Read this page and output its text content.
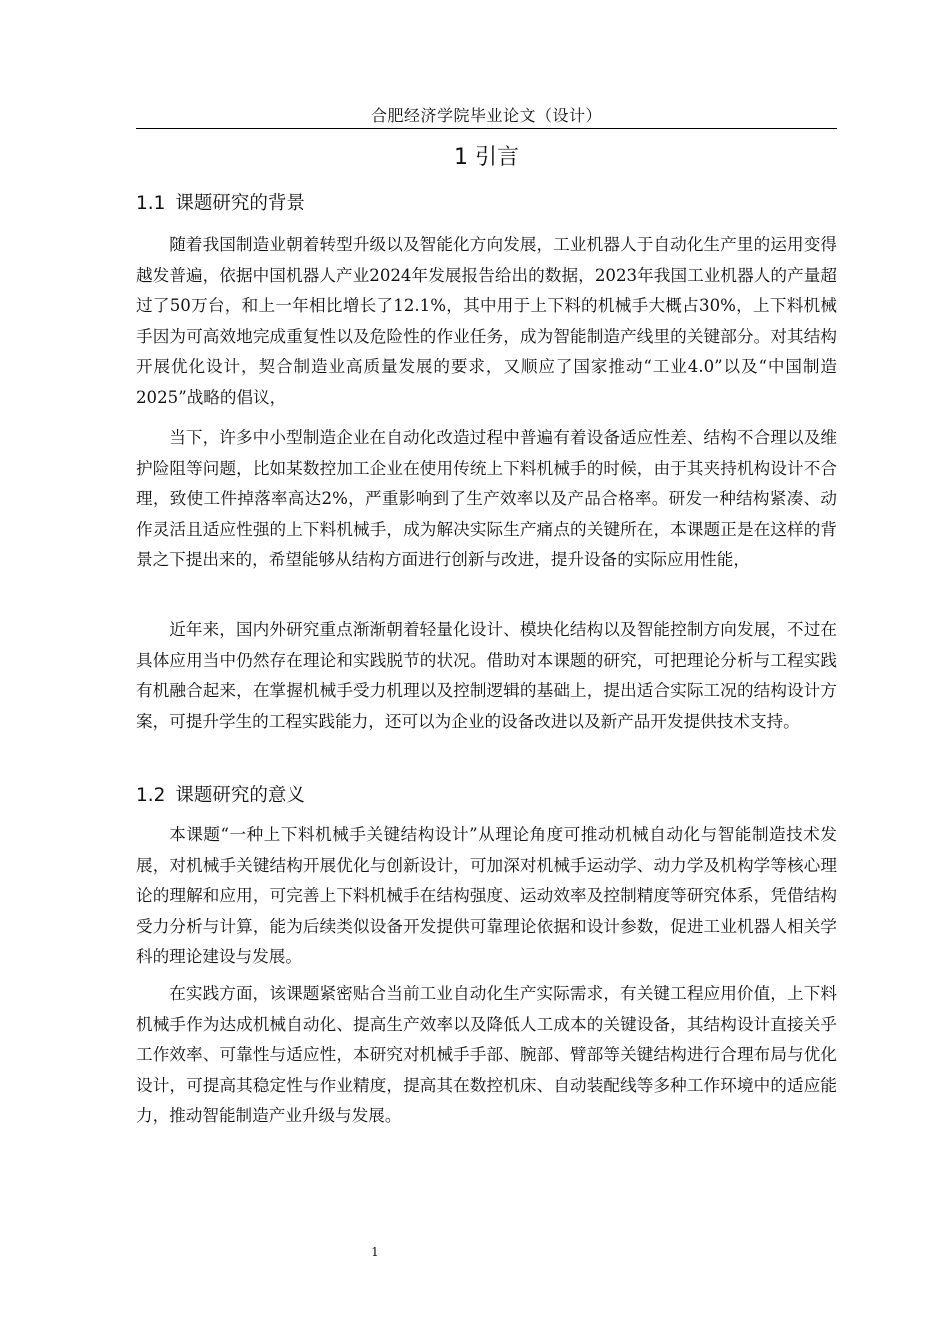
合肥经济学院毕业论文（设计）
1 引言
1.1 课题研究的背景

随着我国制造业朝着转型升级以及智能化方向发展，工业机器人于自动化生产里的运用变得越发普遍，依据中国机器人产业2024年发展报告给出的数据，2023年我国工业机器人的产量超过了50万台，和上一年相比增长了12.1%，其中用于上下料的机械手大概占30%，上下料机械手因为可高效地完成重复性以及危险性的作业任务，成为智能制造产线里的关键部分。对其结构开展优化设计，契合制造业高质量发展的要求，又顺应了国家推动“工业4.0”以及“中国制造2025”战略的倡议，

当下，许多中小型制造企业在自动化改造过程中普遍有着设备适应性差、结构不合理以及维护险阻等问题，比如某数控加工企业在使用传统上下料机械手的时候，由于其夹持机构设计不合理，致使工件掉落率高达2%，严重影响到了生产效率以及产品合格率。研发一种结构紧凑、动作灵活且适应性强的上下料机械手，成为解决实际生产痛点的关键所在，本课题正是在这样的背景之下提出来的，希望能够从结构方面进行创新与改进，提升设备的实际应用性能，

近年来，国内外研究重点渐渐朝着轻量化设计、模块化结构以及智能控制方向发展，不过在具体应用当中仍然存在理论和实践脱节的状况。借助对本课题的研究，可把理论分析与工程实践有机融合起来，在掌握机械手受力机理以及控制逻辑的基础上，提出适合实际工况的结构设计方案，可提升学生的工程实践能力，还可以为企业的设备改进以及新产品开发提供技术支持。

1.2 课题研究的意义

本课题“一种上下料机械手关键结构设计”从理论角度可推动机械自动化与智能制造技术发展，对机械手关键结构开展优化与创新设计，可加深对机械手运动学、动力学及机构学等核心理论的理解和应用，可完善上下料机械手在结构强度、运动效率及控制精度等研究体系，凭借结构受力分析与计算，能为后续类似设备开发提供可靠理论依据和设计参数，促进工业机器人相关学科的理论建设与发展。

在实践方面，该课题紧密贴合当前工业自动化生产实际需求，有关键工程应用价值，上下料机械手作为达成机械自动化、提高生产效率以及降低人工成本的关键设备，其结构设计直接关乎工作效率、可靠性与适应性，本研究对机械手手部、腕部、臂部等关键结构进行合理布局与优化设计，可提高其稳定性与作业精度，提高其在数控机床、自动装配线等多种工作环境中的适应能力，推动智能制造产业升级与发展。

1
